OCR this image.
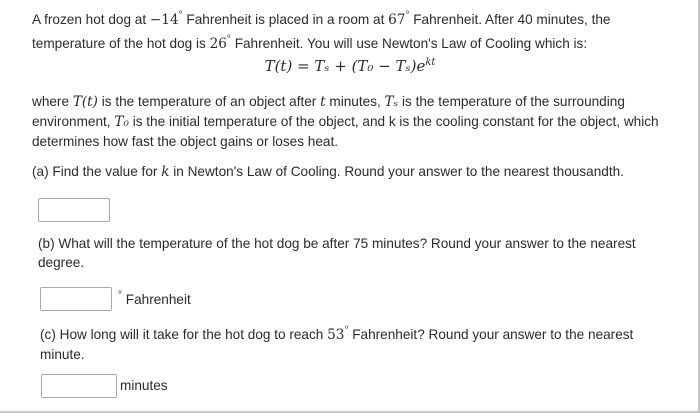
A frozen hot dog at −14° Fahrenheit is placed in a room at 67° Fahrenheit. After 40 minutes, the temperature of the hot dog is 26° Fahrenheit. You will use Newton's Law of Cooling which is:
$T(t) = T_s + (T_0 - T_s)e^{kt}$
where T(t) is the temperature of an object after t minutes, Tₛ is the temperature of the surrounding environment, T₀ is the initial temperature of the object, and k is the cooling constant for the object, which determines how fast the object gains or loses heat.
(a) Find the value for k in Newton's Law of Cooling. Round your answer to the nearest thousandth.
(b) What will the temperature of the hot dog be after 75 minutes? Round your answer to the nearest degree.
° Fahrenheit
(c) How long will it take for the hot dog to reach 53° Fahrenheit? Round your answer to the nearest minute.
minutes
